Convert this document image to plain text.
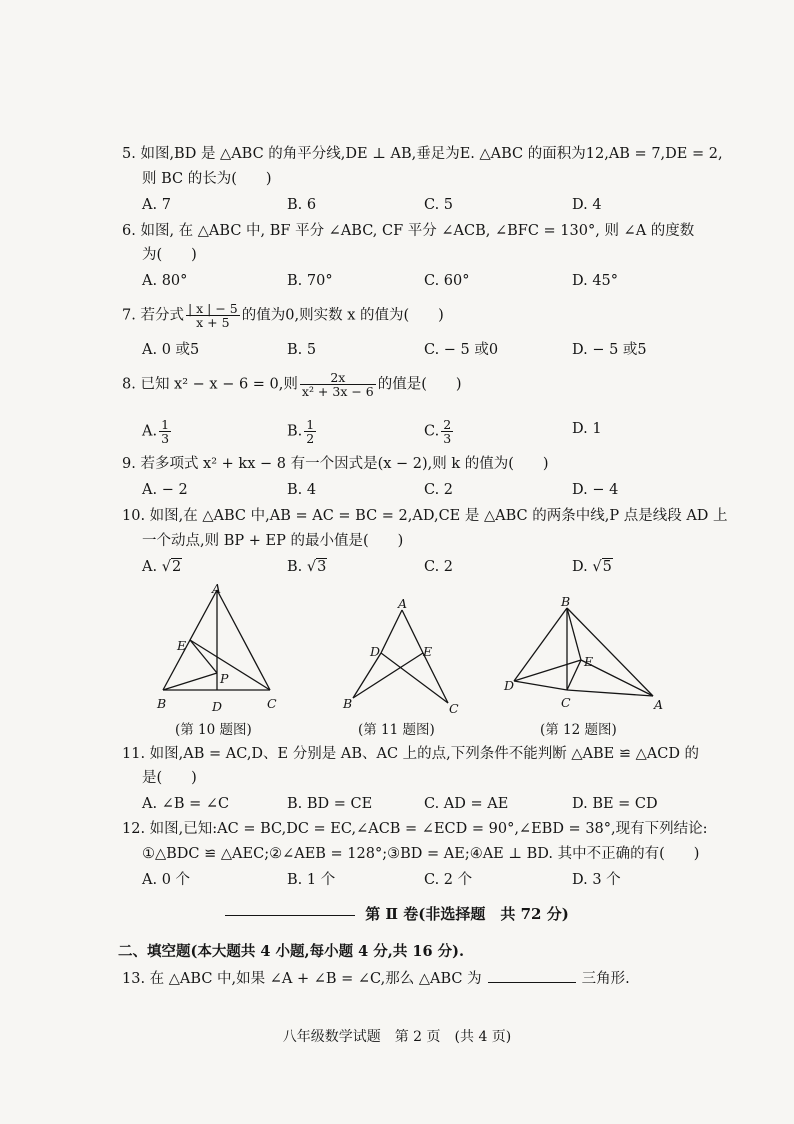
5. 如图,BD 是 △ABC 的角平分线,DE ⊥ AB,垂足为E. △ABC 的面积为12,AB = 7,DE = 2,
则 BC 的长为(　　)
A. 7	B. 6	C. 5	D. 4
6. 如图, 在 △ABC 中, BF 平分 ∠ABC, CF 平分 ∠ACB, ∠BFC = 130°, 则 ∠A 的度数
为(　　)
A. 80°	B. 70°	C. 60°	D. 45°
7. 若分式 $\frac{| x | - 5}{x + 5}$ 的值为0,则实数 x 的值为(　　)
A. 0 或5	B. 5	C. − 5 或0	D. − 5 或5
8. 已知 x² − x − 6 = 0,则 $\frac{2x}{\text{x² + 3x − 6}}$ 的值是(　　)
A. $\frac{1}{3}$	B. $\frac{1}{2}$	C. $\frac{2}{3}$	D. 1
9. 若多项式 x² + kx − 8 有一个因式是(x − 2),则 k 的值为(　　)
A. − 2	B. 4	C. 2	D. − 4
10. 如图,在 △ABC 中,AB = AC = BC = 2,AD,CE 是 △ABC 的两条中线,P 点是线段 AD 上
一个动点,则 BP + EP 的最小值是(　　)
A. √2	B. √3	C. 2	D. √5
A
E
P
B	D	C
A
D	E
B	C
B
E
D
C	A
(第 10 题图)	(第 11 题图)	(第 12 题图)
11. 如图,AB = AC,D、E 分别是 AB、AC 上的点,下列条件不能判断 △ABE ≌ △ACD 的
是(　　)
A. ∠B = ∠C	B. BD = CE	C. AD = AE	D. BE = CD
12. 如图,已知:AC = BC,DC = EC,∠ACB = ∠ECD = 90°,∠EBD = 38°,现有下列结论:
①△BDC ≌ △AEC;②∠AEB = 128°;③BD = AE;④AE ⊥ BD. 其中不正确的有(　　)
A. 0 个	B. 1 个	C. 2 个	D. 3 个
第 Ⅱ 卷(非选择题　共 72 分)
二、填空题(本大题共 4 小题,每小题 4 分,共 16 分).
13. 在 △ABC 中,如果 ∠A + ∠B = ∠C,那么 △ABC 为	三角形.
八年级数学试题　第 2 页　(共 4 页)
